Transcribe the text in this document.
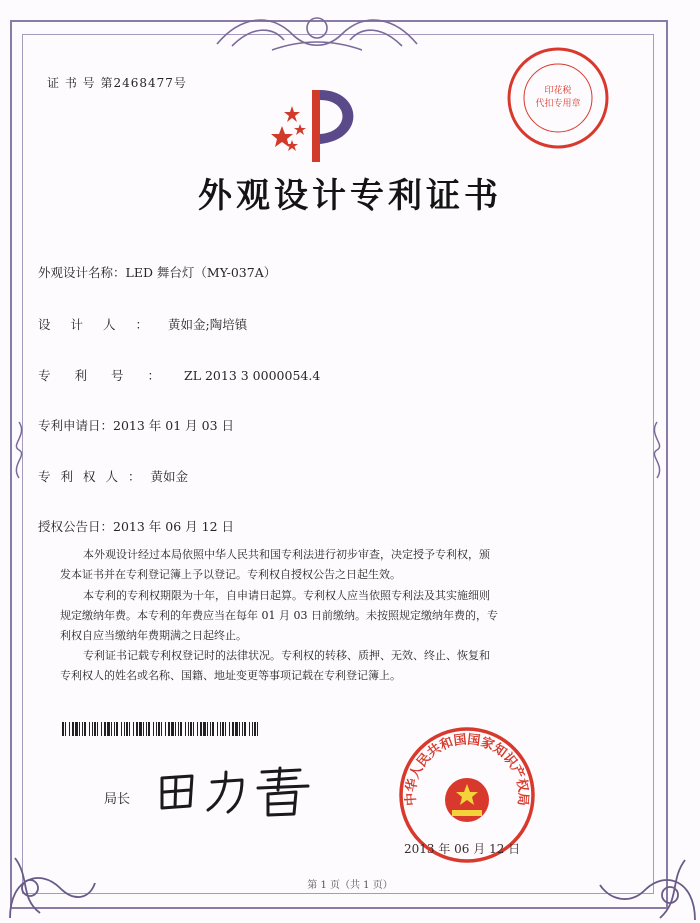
证 书 号 第2468477号
印花税
代扣专用章
外观设计专利证书
外观设计名称：LED 舞台灯（MY-037A）
设计人：黄如金;陶培镇
专利号：ZL 2013 3 0000054.4
专利申请日：2013 年 01 月 03 日
专利权人：黄如金
授权公告日：2013 年 06 月 12 日
本外观设计经过本局依照中华人民共和国专利法进行初步审查，决定授予专利权，颁
发本证书并在专利登记簿上予以登记。专利权自授权公告之日起生效。
本专利的专利权期限为十年，自申请日起算。专利权人应当依照专利法及其实施细则
规定缴纳年费。本专利的年费应当在每年 01 月 03 日前缴纳。未按照规定缴纳年费的，专
利权自应当缴纳年费期满之日起终止。
专利证书记载专利权登记时的法律状况。专利权的转移、质押、无效、终止、恢复和
专利权人的姓名或名称、国籍、地址变更等事项记载在专利登记簿上。
局长	中华人民共和国国家知识产权局
2013 年 06 月 12 日
第 1 页（共 1 页）
